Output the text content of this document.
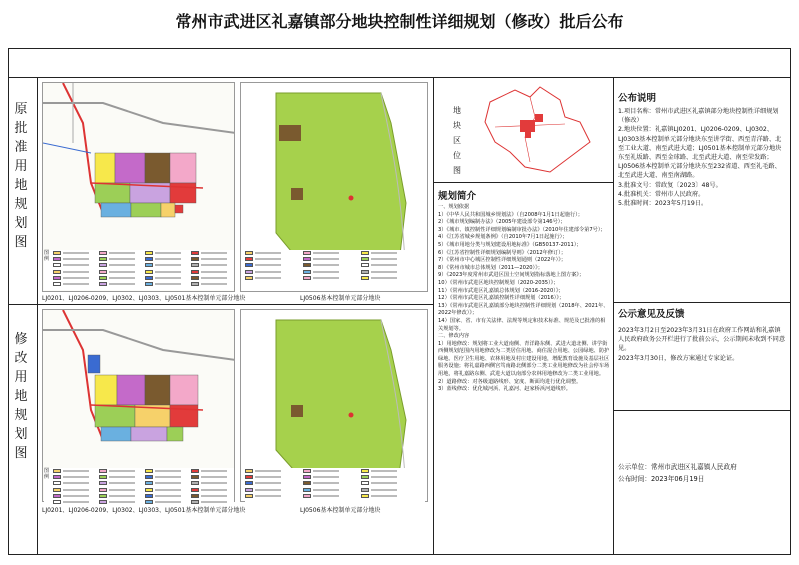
常州市武进区礼嘉镇部分地块控制性详细规划（修改）批后公布
原
批
准
用
地
规
划
图
修
改
用
地
规
划
图
图例
LJ0201、LJ0206-0209、LJ0302、LJ0303、LJ0501基本控制单元部分地块	LJ0506基本控制单元部分地块
图例
LJ0201、LJ0206-0209、LJ0302、LJ0303、LJ0501基本控制单元部分地块	LJ0506基本控制单元部分地块
地
块
区
位
图
规划简介
一、规划依据
1）《中华人民共和国城乡规划法》（自2008年1月1日起施行）；
2）《城市规划编制办法》（2005年建设部令第146号）；
3）《城市、镇控制性详细规划编制审批办法》（2010年住建部令第7号）；
4）《江苏省城乡规划条例》（自2010年7月1日起施行）；
5）《城市用地分类与规划建设用地标准》（GB50137-2011）；
6）《江苏省控制性详细规划编制导则》（2012年修订）；
7）《常州市中心城区控制性详细规划通则（2022年）》；
8）《常州市城市总体规划（2011—2020）》；
9）《2023年度常州市武进区国土空间规划指标落地上图方案》；
10）《常州市武进区地块控制规划（2020-2035）》；
11）《常州市武进区礼嘉镇总体规划（2016-2020）》；
12）《常州市武进区礼嘉镇控制性详细规划（2016）》；
13）《常州市武进区礼嘉镇部分地块控制性详细规划（2018年、2021年、2022年修改）》；
14）国家、省、市有关法律、法规等规定和技术标准、规范及已批准的相关规划等。
二、修改内容
1）用地修改：规划将工业大道南侧、青洋路东侧、武进大道北侧、讲学街西侧规划范围内用地修改为二类居住用地、商住混合用地、公园绿地、防护绿地、医疗卫生用地、农林用地及村庄建设用地，增配教育设施及基层社区服务设施；将礼嘉路西侧宫笃南路北侧部分二类工业用地修改为社会停车场用地，将礼嘉路东侧、武进大道以南部分农林用地修改为二类工业用地。
2）道路修改：对各级道路线形、宽度、断面均进行优化调整。
3）蓝线修改：优化城河浜、礼嘉河、赵家桥浜河道线形。
公布说明
1.项目名称：常州市武进区礼嘉镇部分地块控制性详细规划（修改）
2.地块位置：礼嘉镇LJ0201、LJ0206-0209、LJ0302、LJ0303基本控制单元部分地块东至讲学街、西至青洋路、北至工业大道、南至武进大道；LJ0501基本控制单元部分地块东至礼坂路、西至金球路、北至武进大道、南至荣发路；LJ0506基本控制单元部分地块东至232省道、西至礼毛路、北至武进大道、南至南湖路。
3.批准文号：常政复〔2023〕48号。
4.批准机关：常州市人民政府。
5.批准时间：2023年5月19日。
公示意见及反馈
2023年3月2日至2023年3月31日在政府工作网站和礼嘉镇人民政府政务公开栏进行了批前公示，公示期间未收到不同意见。
2023年3月30日，修改方案通过专家论证。
公示单位：常州市武进区礼嘉镇人民政府
公布时间：2023年06月19日
